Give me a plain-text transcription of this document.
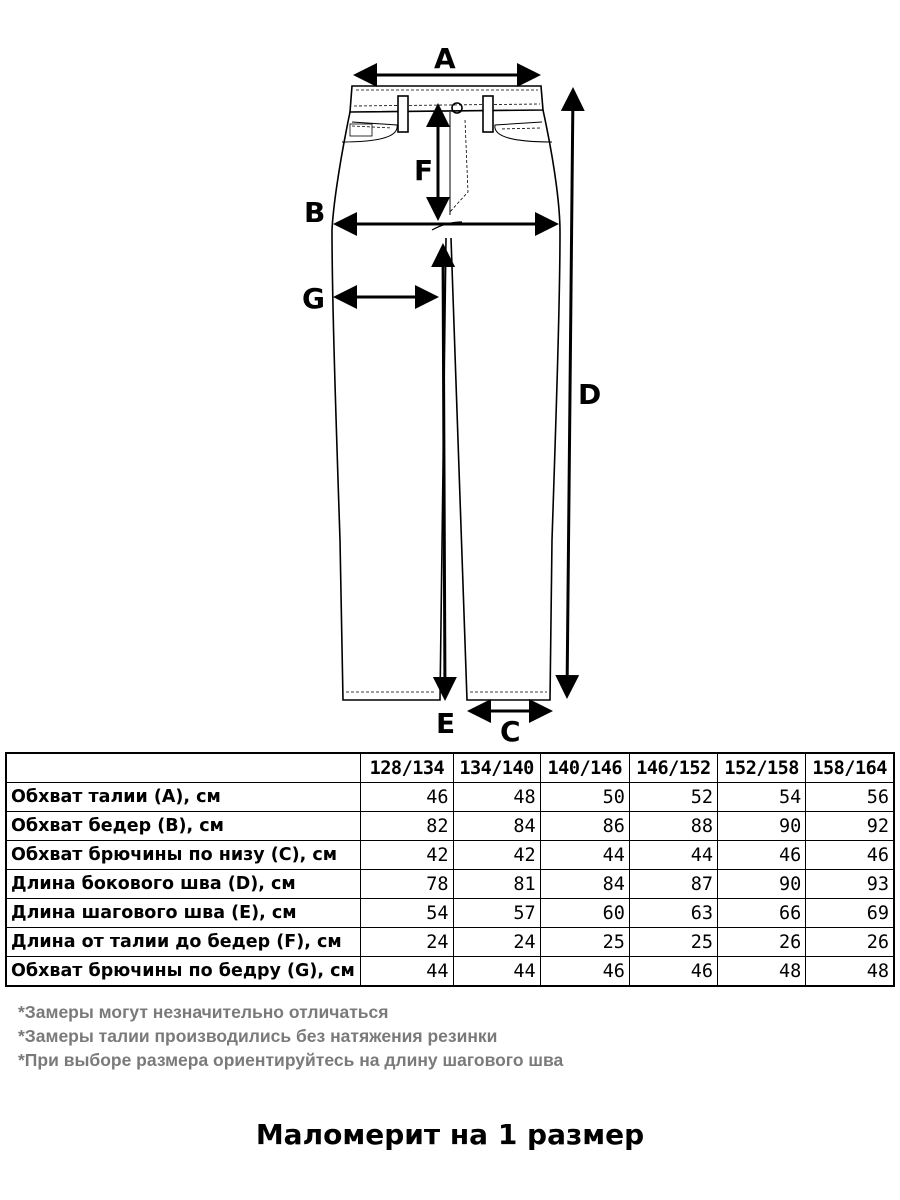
A
B
F
G
D
E C
	128/134	134/140	140/146	146/152	152/158	158/164
Обхват талии (A), см	46	48	50	52	54	56
Обхват бедер (B), см	82	84	86	88	90	92
Обхват брючины по низу (C), см	42	42	44	44	46	46
Длина бокового шва (D), см	78	81	84	87	90	93
Длина шагового шва (E), см	54	57	60	63	66	69
Длина от талии до бедер (F), см	24	24	25	25	26	26
Обхват брючины по бедру (G), см	44	44	46	46	48	48
*Замеры могут незначительно отличаться
*Замеры талии производились без натяжения резинки
*При выборе размера ориентируйтесь на длину шагового шва
Маломерит на 1 размер
